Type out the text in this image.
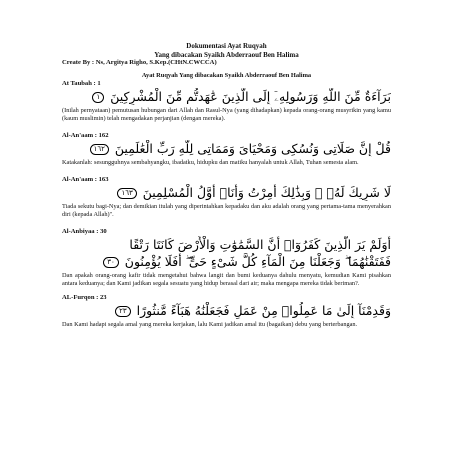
Dokumentasi Ayat Ruqyah
Yang dibacakan Syaikh Abderraouf Ben Halima
Create By : Ns, Argitya Righo, S.Kep.(CHtN.CWCCA)
Ayat Ruqyah Yang dibacakan Syaikh Abderraouf Ben Halima
At Taubah : 1
بَرَآءَةٌ مِّنَ اللَّهِ وَرَسُولِهِۦٓ إِلَى الَّذِينَ عَٰهَدتُّم مِّنَ الْمُشْرِكِينَ ١
(Inilah pernyataan) pemutusan hubungan dari Allah dan Rasul-Nya (yang dihadapkan) kepada orang-orang musyrikin yang kamu (kaum muslimin) telah mengadakan perjanjian (dengan mereka).
Al-An'aam : 162
قُلْ إِنَّ صَلَاتِى وَنُسُكِى وَمَحْيَاىَ وَمَمَاتِى لِلَّهِ رَبِّ الْعَٰلَمِينَ ١٦٢
Katakanlah: sesungguhnya sembahyangku, ibadatku, hidupku dan matiku hanyalah untuk Allah, Tuhan semesta alam.
Al-An'aam : 163
لَا شَرِيكَ لَهُۥ ۖ وَبِذَٰلِكَ أُمِرْتُ وَأَنَا۠ أَوَّلُ الْمُسْلِمِينَ ١٦٣
Tiada sekutu bagi-Nya; dan demikian itulah yang diperintahkan kepadaku dan aku adalah orang yang pertama-tama menyerahkan diri (kepada Allah)".
Al-Anbiyaa : 30
أَوَلَمْ يَرَ الَّذِينَ كَفَرُوٓا۟ أَنَّ السَّمَٰوَٰتِ وَالْأَرْضَ كَانَتَا رَتْقًا
فَفَتَقْنَٰهُمَا ۖ وَجَعَلْنَا مِنَ الْمَآءِ كُلَّ شَىْءٍ حَىٍّ ۖ أَفَلَا يُؤْمِنُونَ ٣٠
Dan apakah orang-orang kafir tidak mengetahui bahwa langit dan bumi keduanya dahulu menyatu, kemudian Kami pisahkan antara keduanya; dan Kami jadikan segala sesuatu yang hidup berasal dari air; maka mengapa mereka tidak beriman?.
AL-Furqon : 23
وَقَدِمْنَآ إِلَىٰ مَا عَمِلُوا۟ مِنْ عَمَلٍ فَجَعَلْنَٰهُ هَبَآءً مَّنثُورًا ٢٣
Dan Kami hadapi segala amal yang mereka kerjakan, lalu Kami jadikan amal itu (bagaikan) debu yang berterbangan.
